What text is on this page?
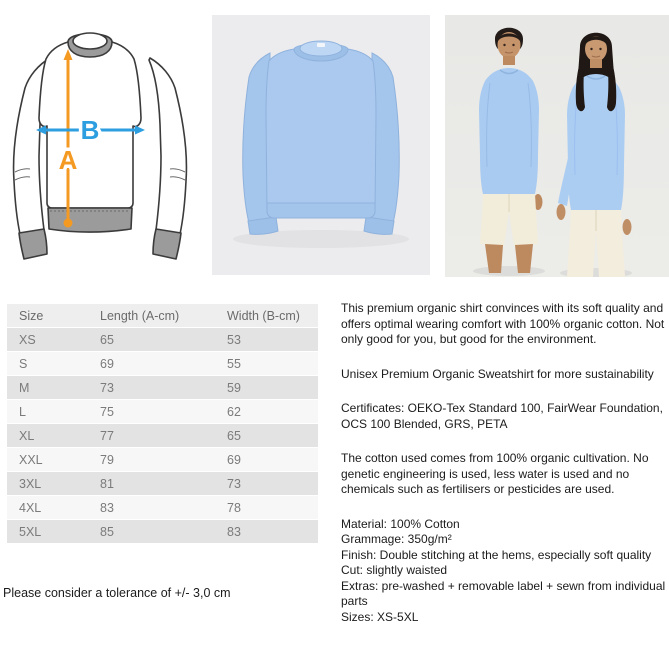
A
B
Size	Length (A-cm)	Width (B-cm)
XS	65	53
S	69	55
M	73	59
L	75	62
XL	77	65
XXL	79	69
3XL	81	73
4XL	83	78
5XL	85	83
Please consider a tolerance of +/- 3,0 cm

This premium organic shirt convinces with its soft quality and offers optimal wearing comfort with 100% organic cotton. Not only good for you, but good for the environment.

Unisex Premium Organic Sweatshirt for more sustainability

Certificates: OEKO-Tex Standard 100, FairWear Foundation, OCS 100 Blended, GRS, PETA

The cotton used comes from 100% organic cultivation. No genetic engineering is used, less water is used and no chemicals such as fertilisers or pesticides are used.

Material: 100% Cotton
Grammage: 350g/m²
Finish: Double stitching at the hems, especially soft quality
Cut: slightly waisted
Extras: pre-washed + removable label + sewn from individual parts
Sizes: XS-5XL
